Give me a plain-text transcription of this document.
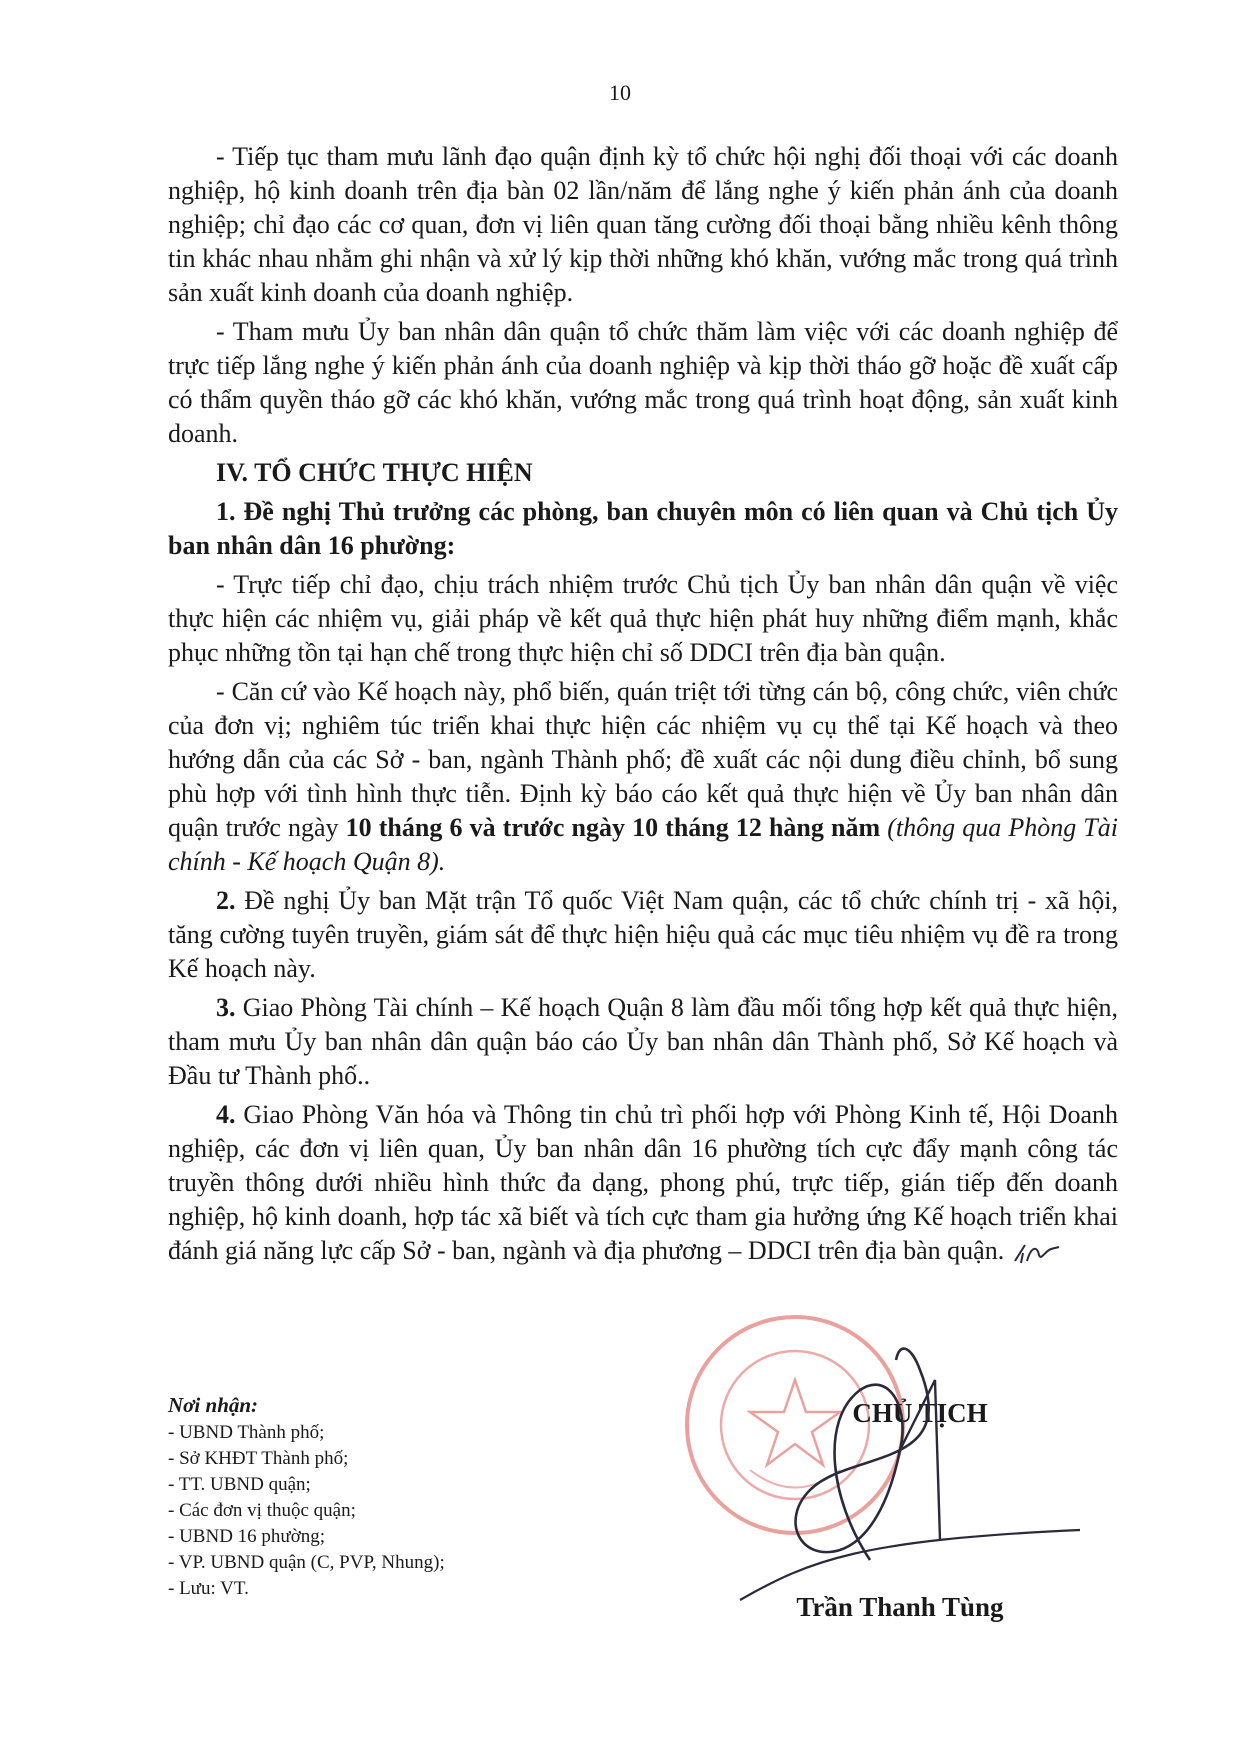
10

- Tiếp tục tham mưu lãnh đạo quận định kỳ tổ chức hội nghị đối thoại với các doanh nghiệp, hộ kinh doanh trên địa bàn 02 lần/năm để lắng nghe ý kiến phản ánh của doanh nghiệp; chỉ đạo các cơ quan, đơn vị liên quan tăng cường đối thoại bằng nhiều kênh thông tin khác nhau nhằm ghi nhận và xử lý kịp thời những khó khăn, vướng mắc trong quá trình sản xuất kinh doanh của doanh nghiệp.

- Tham mưu Ủy ban nhân dân quận tổ chức thăm làm việc với các doanh nghiệp để trực tiếp lắng nghe ý kiến phản ánh của doanh nghiệp và kịp thời tháo gỡ hoặc đề xuất cấp có thẩm quyền tháo gỡ các khó khăn, vướng mắc trong quá trình hoạt động, sản xuất kinh doanh.

IV. TỔ CHỨC THỰC HIỆN

1. Đề nghị Thủ trưởng các phòng, ban chuyên môn có liên quan và Chủ tịch Ủy ban nhân dân 16 phường:

- Trực tiếp chỉ đạo, chịu trách nhiệm trước Chủ tịch Ủy ban nhân dân quận về việc thực hiện các nhiệm vụ, giải pháp về kết quả thực hiện phát huy những điểm mạnh, khắc phục những tồn tại hạn chế trong thực hiện chỉ số DDCI trên địa bàn quận.

- Căn cứ vào Kế hoạch này, phổ biến, quán triệt tới từng cán bộ, công chức, viên chức của đơn vị; nghiêm túc triển khai thực hiện các nhiệm vụ cụ thể tại Kế hoạch và theo hướng dẫn của các Sở - ban, ngành Thành phố; đề xuất các nội dung điều chỉnh, bổ sung phù hợp với tình hình thực tiễn. Định kỳ báo cáo kết quả thực hiện về Ủy ban nhân dân quận trước ngày 10 tháng 6 và trước ngày 10 tháng 12 hàng năm (thông qua Phòng Tài chính - Kế hoạch Quận 8).

2. Đề nghị Ủy ban Mặt trận Tổ quốc Việt Nam quận, các tổ chức chính trị - xã hội, tăng cường tuyên truyền, giám sát để thực hiện hiệu quả các mục tiêu nhiệm vụ đề ra trong Kế hoạch này.

3. Giao Phòng Tài chính – Kế hoạch Quận 8 làm đầu mối tổng hợp kết quả thực hiện, tham mưu Ủy ban nhân dân quận báo cáo Ủy ban nhân dân Thành phố, Sở Kế hoạch và Đầu tư Thành phố..

4. Giao Phòng Văn hóa và Thông tin chủ trì phối hợp với Phòng Kinh tế, Hội Doanh nghiệp, các đơn vị liên quan, Ủy ban nhân dân 16 phường tích cực đẩy mạnh công tác truyền thông dưới nhiều hình thức đa dạng, phong phú, trực tiếp, gián tiếp đến doanh nghiệp, hộ kinh doanh, hợp tác xã biết và tích cực tham gia hưởng ứng Kế hoạch triển khai đánh giá năng lực cấp Sở - ban, ngành và địa phương – DDCI trên địa bàn quận.

Nơi nhận:
- UBND Thành phố;
- Sở KHĐT Thành phố;
- TT. UBND quận;
- Các đơn vị thuộc quận;
- UBND 16 phường;
- VP. UBND quận (C, PVP, Nhung);
- Lưu: VT.
CHỦ TỊCH
Trần Thanh Tùng
